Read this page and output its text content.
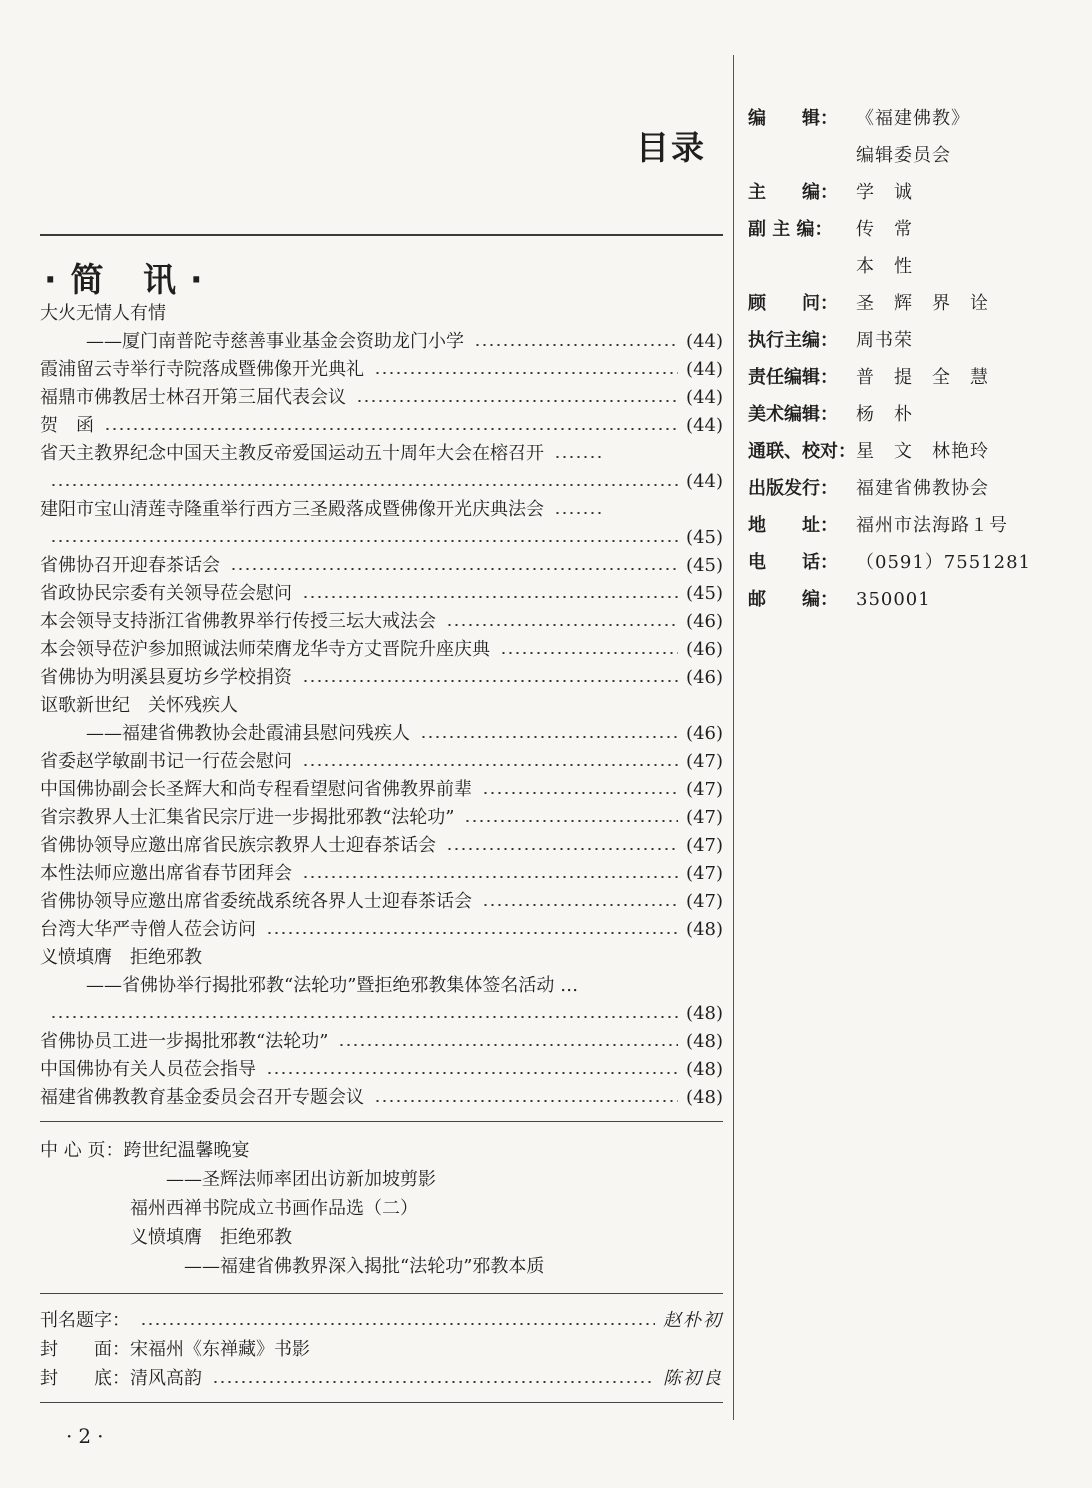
目录
·简 讯·
大火无情人有情
——厦门南普陀寺慈善事业基金会资助龙门小学	(44)
霞浦留云寺举行寺院落成暨佛像开光典礼	(44)
福鼎市佛教居士林召开第三届代表会议	(44)
贺　函	(44)
省天主教界纪念中国天主教反帝爱国运动五十周年大会在榕召开
(44)
建阳市宝山清莲寺隆重举行西方三圣殿落成暨佛像开光庆典法会
(45)
省佛协召开迎春茶话会	(45)
省政协民宗委有关领导莅会慰问	(45)
本会领导支持浙江省佛教界举行传授三坛大戒法会	(46)
本会领导莅沪参加照诚法师荣膺龙华寺方丈晋院升座庆典	(46)
省佛协为明溪县夏坊乡学校捐资	(46)
讴歌新世纪　关怀残疾人
——福建省佛教协会赴霞浦县慰问残疾人	(46)
省委赵学敏副书记一行莅会慰问	(47)
中国佛协副会长圣辉大和尚专程看望慰问省佛教界前辈	(47)
省宗教界人士汇集省民宗厅进一步揭批邪教“法轮功”	(47)
省佛协领导应邀出席省民族宗教界人士迎春茶话会	(47)
本性法师应邀出席省春节团拜会	(47)
省佛协领导应邀出席省委统战系统各界人士迎春茶话会	(47)
台湾大华严寺僧人莅会访问	(48)
义愤填膺　拒绝邪教
——省佛协举行揭批邪教“法轮功”暨拒绝邪教集体签名活动 …
(48)
省佛协员工进一步揭批邪教“法轮功”	(48)
中国佛协有关人员莅会指导	(48)
福建省佛教教育基金委员会召开专题会议	(48)
中 心 页：跨世纪温馨晚宴
　　　　　　　——圣辉法师率团出访新加坡剪影
　　　　　福州西禅书院成立书画作品选（二）
　　　　　义愤填膺　拒绝邪教
　　　　　　　　——福建省佛教界深入揭批“法轮功”邪教本质
刊名题字：	赵朴初
封　　面：宋福州《东禅藏》书影
封　　底：清风高韵	陈初良
编　　辑：	《福建佛教》
编辑委员会
主　　编：	学　诚
副 主 编：	传　常
本　性
顾　　问：	圣　辉　界　诠
执行主编：	周书荣
责任编辑：	普　提　全　慧
美术编辑：	杨　朴
通联、校对： 星　文　林艳玲
出版发行：	福建省佛教协会
地　　址：	福州市法海路１号
电　　话：	（0591）7551281
邮　　编：	350001
·2·
